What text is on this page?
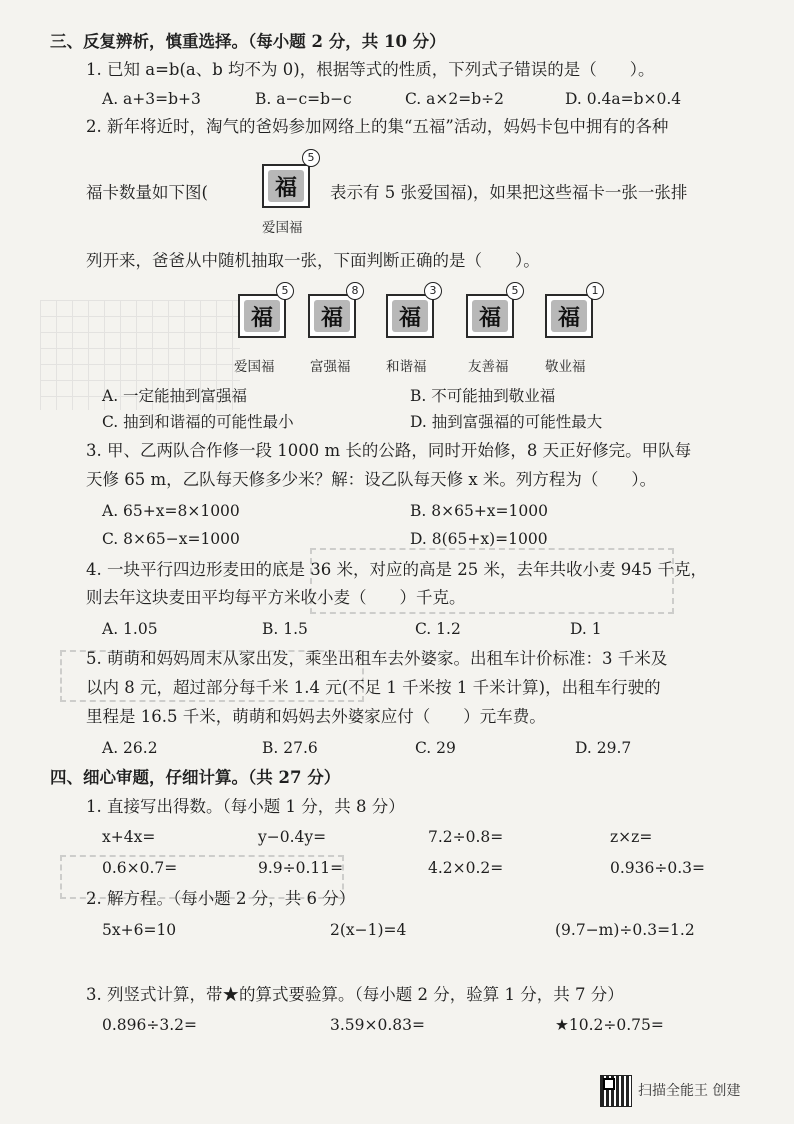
三、反复辨析，慎重选择。（每小题 2 分，共 10 分）
1. 已知 a=b(a、b 均不为 0)，根据等式的性质，下列式子错误的是（　　）。
A. a+3=b+3	B. a−c=b−c	C. a×2=b÷2	D. 0.4a=b×0.4
2. 新年将近时，淘气的爸妈参加网络上的集“五福”活动，妈妈卡包中拥有的各种
福卡数量如下图(	福
5
爱国福
表示有 5 张爱国福)，如果把这些福卡一张一张排
列开来，爸爸从中随机抽取一张，下面判断正确的是（　　）。
福
5
爱国福
福
8
富强福
福
3
和谐福
福
5
友善福
福
1
敬业福
A. 一定能抽到富强福	B. 不可能抽到敬业福
C. 抽到和谐福的可能性最小	D. 抽到富强福的可能性最大
3. 甲、乙两队合作修一段 1000 m 长的公路，同时开始修，8 天正好修完。甲队每
天修 65 m，乙队每天修多少米？解：设乙队每天修 x 米。列方程为（　　）。
A. 65+x=8×1000	B. 8×65+x=1000
C. 8×65−x=1000	D. 8(65+x)=1000
4. 一块平行四边形麦田的底是 36 米，对应的高是 25 米，去年共收小麦 945 千克，
则去年这块麦田平均每平方米收小麦（　　）千克。
A. 1.05	B. 1.5	C. 1.2	D. 1
5. 萌萌和妈妈周末从家出发，乘坐出租车去外婆家。出租车计价标准：3 千米及
以内 8 元，超过部分每千米 1.4 元(不足 1 千米按 1 千米计算)，出租车行驶的
里程是 16.5 千米，萌萌和妈妈去外婆家应付（　　）元车费。
A. 26.2	B. 27.6	C. 29	D. 29.7
四、细心审题，仔细计算。（共 27 分）
1. 直接写出得数。（每小题 1 分，共 8 分）
x+4x=	y−0.4y=	7.2÷0.8=	z×z=
0.6×0.7=	9.9÷0.11=	4.2×0.2=	0.936÷0.3=
2. 解方程。（每小题 2 分，共 6 分）
5x+6=10	2(x−1)=4	(9.7−m)÷0.3=1.2
3. 列竖式计算，带★的算式要验算。（每小题 2 分，验算 1 分，共 7 分）
0.896÷3.2=	3.59×0.83=	★10.2÷0.75=
扫描全能王 创建
